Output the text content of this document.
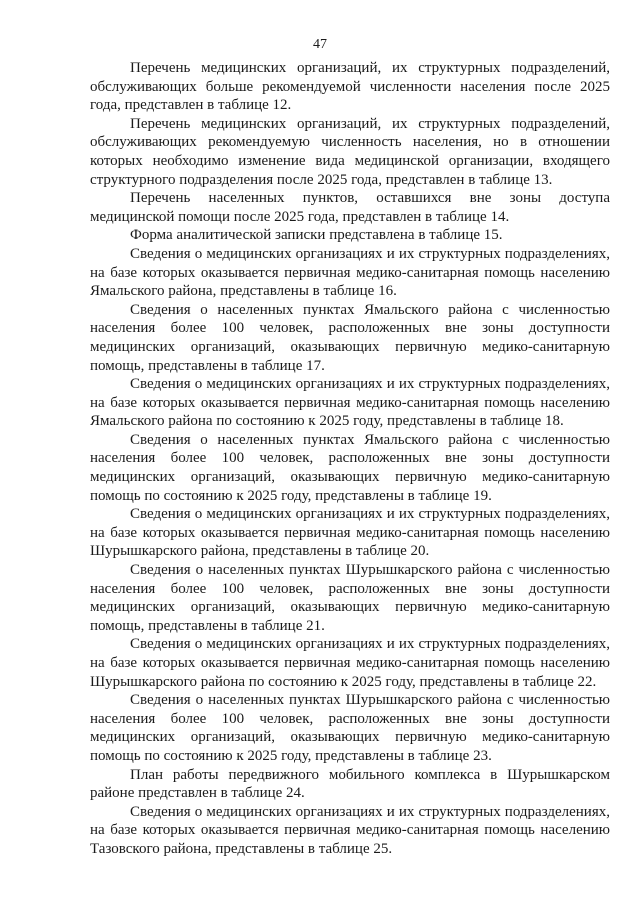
47

Перечень медицинских организаций, их структурных подразделений, обслуживающих больше рекомендуемой численности населения после 2025 года, представлен в таблице 12.

Перечень медицинских организаций, их структурных подразделений, обслуживающих рекомендуемую численность населения, но в отношении которых необходимо изменение вида медицинской организации, входящего структурного подразделения после 2025 года, представлен в таблице 13.

Перечень населенных пунктов, оставшихся вне зоны доступа медицинской помощи после 2025 года, представлен в таблице 14.

Форма аналитической записки представлена в таблице 15.

Сведения о медицинских организациях и их структурных подразделениях, на базе которых оказывается первичная медико-санитарная помощь населению Ямальского района, представлены в таблице 16.

Сведения о населенных пунктах Ямальского района с численностью населения более 100 человек, расположенных вне зоны доступности медицинских организаций, оказывающих первичную медико-санитарную помощь, представлены в таблице 17.

Сведения о медицинских организациях и их структурных подразделениях, на базе которых оказывается первичная медико-санитарная помощь населению Ямальского района по состоянию к 2025 году, представлены в таблице 18.

Сведения о населенных пунктах Ямальского района с численностью населения более 100 человек, расположенных вне зоны доступности медицинских организаций, оказывающих первичную медико-санитарную помощь по состоянию к 2025 году, представлены в таблице 19.

Сведения о медицинских организациях и их структурных подразделениях, на базе которых оказывается первичная медико-санитарная помощь населению Шурышкарского района, представлены в таблице 20.

Сведения о населенных пунктах Шурышкарского района с численностью населения более 100 человек, расположенных вне зоны доступности медицинских организаций, оказывающих первичную медико-санитарную помощь, представлены в таблице 21.

Сведения о медицинских организациях и их структурных подразделениях, на базе которых оказывается первичная медико-санитарная помощь населению Шурышкарского района по состоянию к 2025 году, представлены в таблице 22.

Сведения о населенных пунктах Шурышкарского района с численностью населения более 100 человек, расположенных вне зоны доступности медицинских организаций, оказывающих первичную медико-санитарную помощь по состоянию к 2025 году, представлены в таблице 23.

План работы передвижного мобильного комплекса в Шурышкарском районе представлен в таблице 24.

Сведения о медицинских организациях и их структурных подразделениях, на базе которых оказывается первичная медико-санитарная помощь населению Тазовского района, представлены в таблице 25.
